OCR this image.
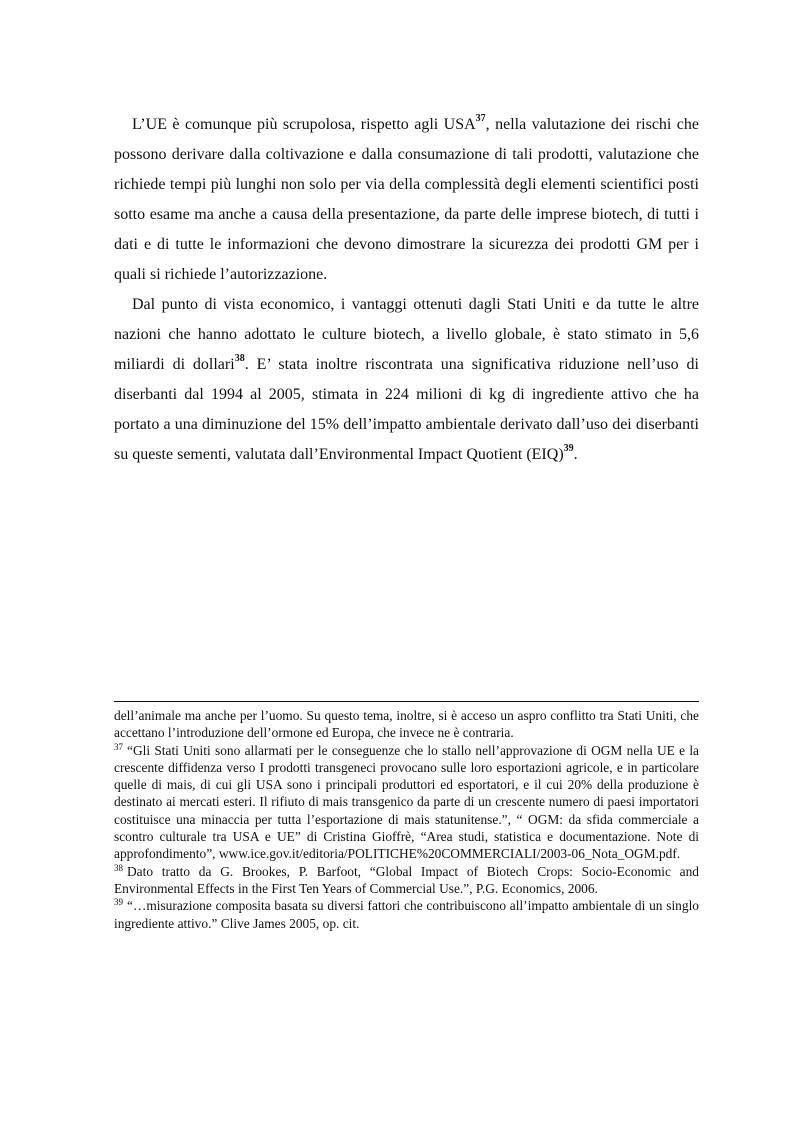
L’UE è comunque più scrupolosa, rispetto agli USA$^{37}$, nella valutazione dei rischi che possono derivare dalla coltivazione e dalla consumazione di tali prodotti, valutazione che richiede tempi più lunghi non solo per via della complessità degli elementi scientifici posti sotto esame ma anche a causa della presentazione, da parte delle imprese biotech, di tutti i dati e di tutte le informazioni che devono dimostrare la sicurezza dei prodotti GM per i quali si richiede l’autorizzazione.

Dal punto di vista economico, i vantaggi ottenuti dagli Stati Uniti e da tutte le altre nazioni che hanno adottato le culture biotech, a livello globale, è stato stimato in 5,6 miliardi di dollari$^{38}$. E’ stata inoltre riscontrata una significativa riduzione nell’uso di diserbanti dal 1994 al 2005, stimata in 224 milioni di kg di ingrediente attivo che ha portato a una diminuzione del 15% dell’impatto ambientale derivato dall’uso dei diserbanti su queste sementi, valutata dall’Environmental Impact Quotient (EIQ)$^{39}$.

dell’animale ma anche per l’uomo. Su questo tema, inoltre, si è acceso un aspro conflitto tra Stati Uniti, che accettano l’introduzione dell’ormone ed Europa, che invece ne è contraria.

$^{37}$ “Gli Stati Uniti sono allarmati per le conseguenze che lo stallo nell’approvazione di OGM nella UE e la crescente diffidenza verso I prodotti transgeneci provocano sulle loro esportazioni agricole, e in particolare quelle di mais, di cui gli USA sono i principali produttori ed esportatori, e il cui 20% della produzione è destinato ai mercati esteri. Il rifiuto di mais transgenico da parte di un crescente numero di paesi importatori costituisce una minaccia per tutta l’esportazione di mais statunitense.”, “ OGM: da sfida commerciale a scontro culturale tra USA e UE” di Cristina Gioffrè, “Area studi, statistica e documentazione. Note di approfondimento”, www.ice.gov.it/editoria/POLITICHE%20COMMERCIALI/2003-06_Nota_OGM.pdf.

$^{38}$ Dato tratto da G. Brookes, P. Barfoot, “Global Impact of Biotech Crops: Socio-Economic and Environmental Effects in the First Ten Years of Commercial Use.”, P.G. Economics, 2006.

$^{39}$ “…misurazione composita basata su diversi fattori che contribuiscono all’impatto ambientale di un singlo ingrediente attivo.” Clive James 2005, op. cit.
